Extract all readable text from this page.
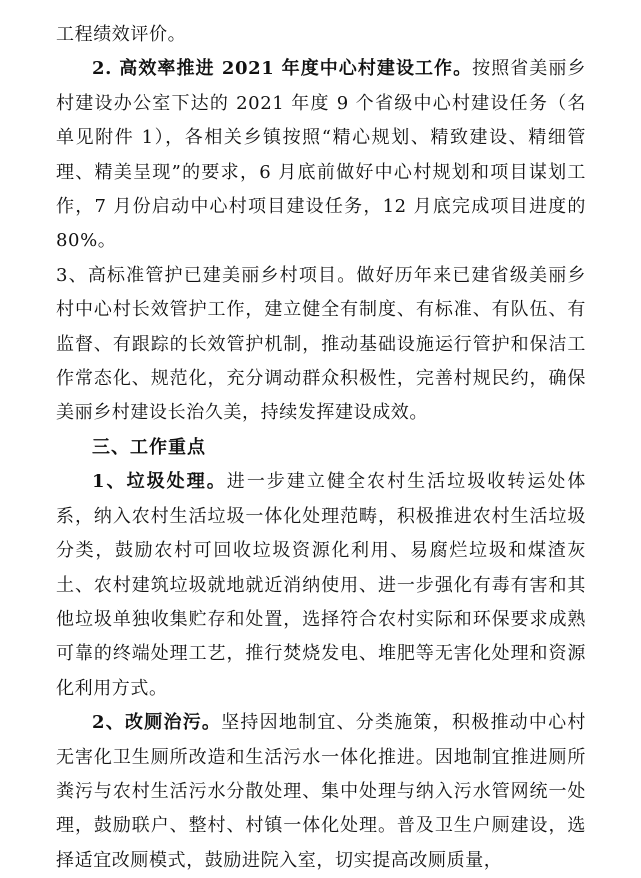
工程绩效评价。

2. 高效率推进 2021 年度中心村建设工作。按照省美丽乡村建设办公室下达的 2021 年度 9 个省级中心村建设任务（名单见附件 1），各相关乡镇按照“精心规划、精致建设、精细管理、精美呈现”的要求，6 月底前做好中心村规划和项目谋划工作，7 月份启动中心村项目建设任务，12 月底完成项目进度的 80%。

3、高标准管护已建美丽乡村项目。做好历年来已建省级美丽乡村中心村长效管护工作，建立健全有制度、有标准、有队伍、有监督、有跟踪的长效管护机制，推动基础设施运行管护和保洁工作常态化、规范化，充分调动群众积极性，完善村规民约，确保美丽乡村建设长治久美，持续发挥建设成效。

三、工作重点

1、垃圾处理。进一步建立健全农村生活垃圾收转运处体系，纳入农村生活垃圾一体化处理范畴，积极推进农村生活垃圾分类，鼓励农村可回收垃圾资源化利用、易腐烂垃圾和煤渣灰土、农村建筑垃圾就地就近消纳使用、进一步强化有毒有害和其他垃圾单独收集贮存和处置，选择符合农村实际和环保要求成熟可靠的终端处理工艺，推行焚烧发电、堆肥等无害化处理和资源化利用方式。

2、改厕治污。坚持因地制宜、分类施策，积极推动中心村无害化卫生厕所改造和生活污水一体化推进。因地制宜推进厕所粪污与农村生活污水分散处理、集中处理与纳入污水管网统一处理，鼓励联户、整村、村镇一体化处理。普及卫生户厕建设，选择适宜改厕模式，鼓励进院入室，切实提高改厕质量，
